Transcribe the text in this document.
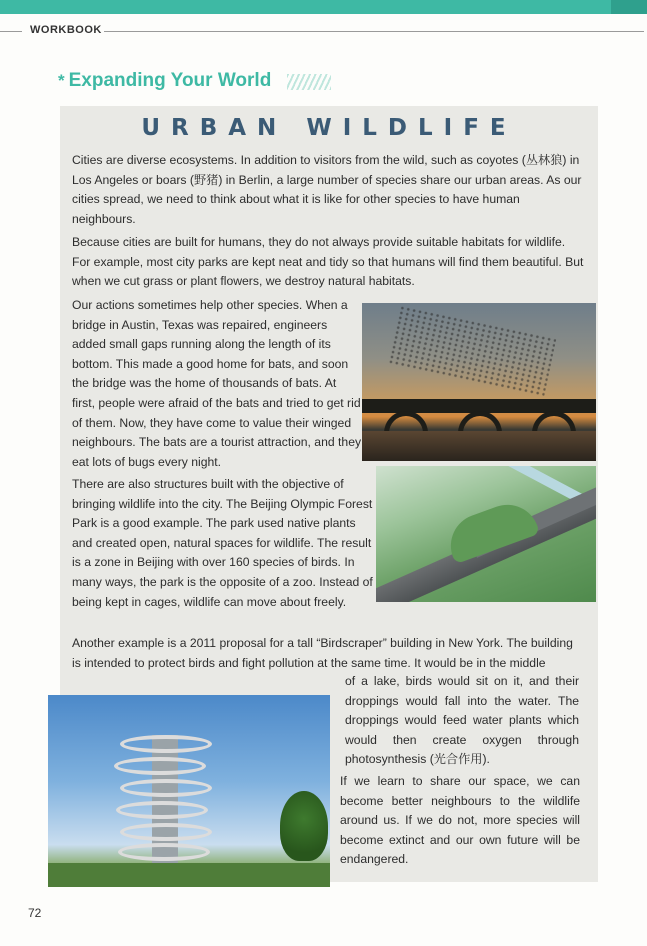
WORKBOOK
* Expanding Your World
URBAN WILDLIFE
Cities are diverse ecosystems. In addition to visitors from the wild, such as coyotes (丛林狼) in Los Angeles or boars (野猪) in Berlin, a large number of species share our urban areas. As our cities spread, we need to think about what it is like for other species to have human neighbours.
Because cities are built for humans, they do not always provide suitable habitats for wildlife. For example, most city parks are kept neat and tidy so that humans will find them beautiful. But when we cut grass or plant flowers, we destroy natural habitats.
Our actions sometimes help other species. When a bridge in Austin, Texas was repaired, engineers added small gaps running along the length of its bottom. This made a good home for bats, and soon the bridge was the home of thousands of bats. At first, people were afraid of the bats and tried to get rid of them. Now, they have come to value their winged neighbours. The bats are a tourist attraction, and they eat lots of bugs every night.
There are also structures built with the objective of bringing wildlife into the city. The Beijing Olympic Forest Park is a good example. The park used native plants and created open, natural spaces for wildlife. The result is a zone in Beijing with over 160 species of birds. In many ways, the park is the opposite of a zoo. Instead of being kept in cages, wildlife can move about freely.
Another example is a 2011 proposal for a tall “Birdscraper” building in New York. The building is intended to protect birds and fight pollution at the same time. It would be in the middle
of a lake, birds would sit on it, and their droppings would fall into the water. The droppings would feed water plants which would then create oxygen through photosynthesis (光合作用).
If we learn to share our space, we can become better neighbours to the wildlife around us. If we do not, more species will become extinct and our own future will be endangered.
72
